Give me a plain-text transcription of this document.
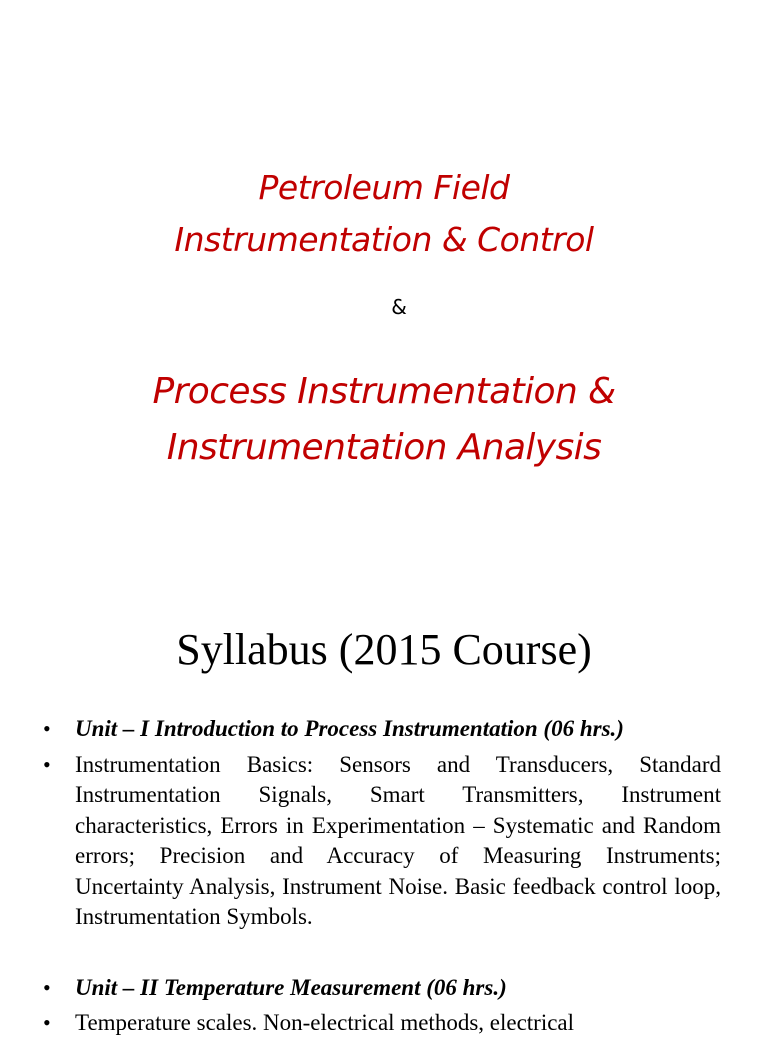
Petroleum Field
Instrumentation & Control
&
Process Instrumentation &
Instrumentation Analysis
Syllabus (2015 Course)
• Unit – I Introduction to Process Instrumentation (06 hrs.)
• Instrumentation Basics: Sensors and Transducers, Standard Instrumentation Signals, Smart Transmitters, Instrument characteristics, Errors in Experimentation – Systematic and Random errors; Precision and Accuracy of Measuring Instruments; Uncertainty Analysis, Instrument Noise. Basic feedback control loop, Instrumentation Symbols.
• Unit – II Temperature Measurement (06 hrs.)
• Temperature scales. Non-electrical methods, electrical
